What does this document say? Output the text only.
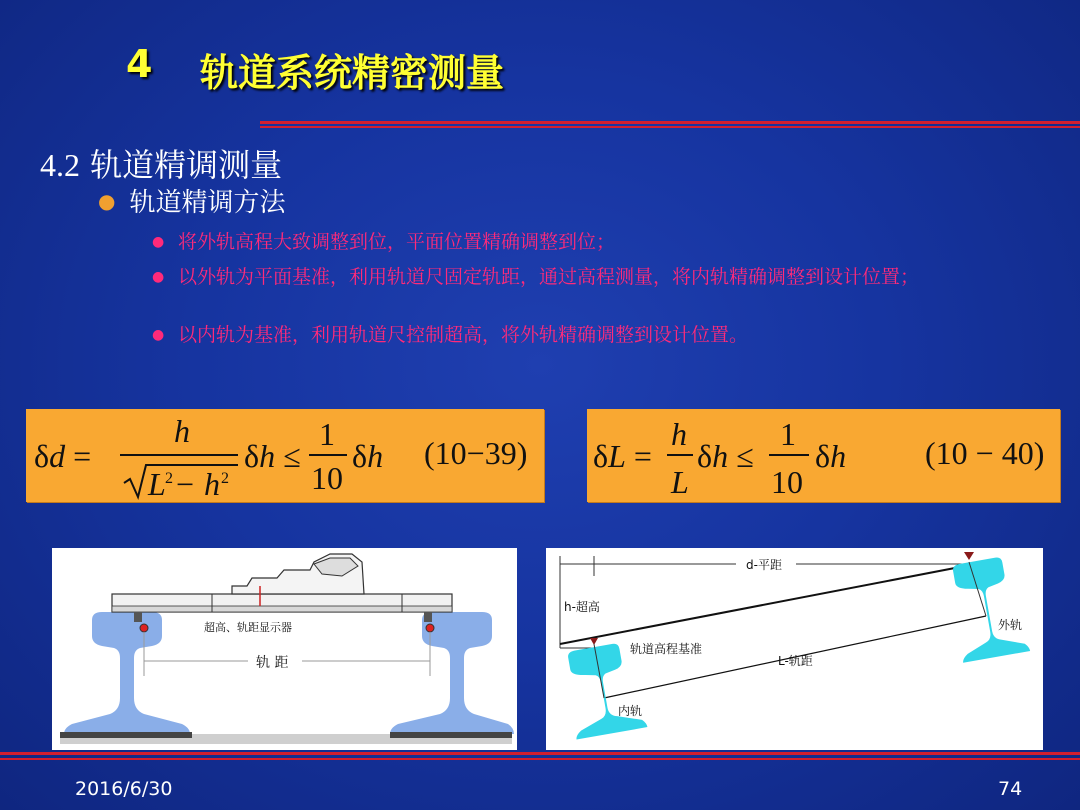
4 轨道系统精密测量
4.2 轨道精调测量
● 轨道精调方法
● 将外轨高程大致调整到位，平面位置精确调整到位；
● 以外轨为平面基准，利用轨道尺固定轨距，通过高程测量，将内轨精确调整到设计位置；
● 以内轨为基准，利用轨道尺控制超高，将外轨精确调整到设计位置。
δd =
h
L 2 − h 2
δh ≤
1
10
δh (10−39) δL =
h
L
δh ≤
1
10
δh (10 − 40)
超高、轨距显示器
轨 距
d-平距
h-超高
轨道高程基准
L-轨距
外轨
内轨
2016/6/30	74
